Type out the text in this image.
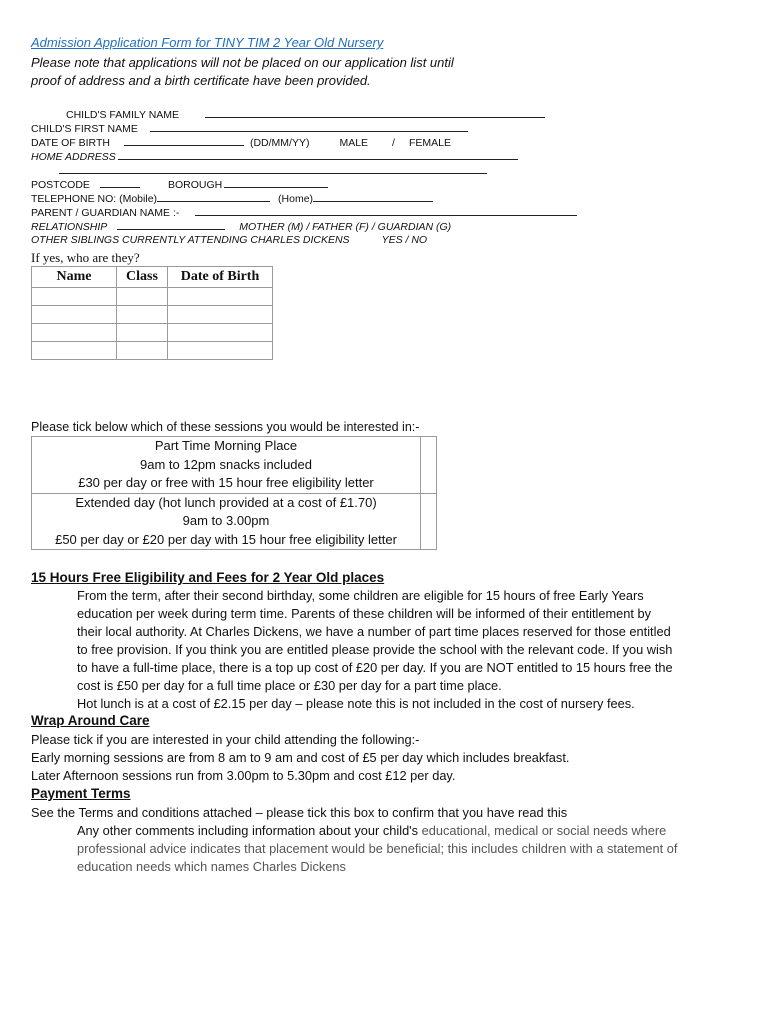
Admission Application Form for TINY TIM 2 Year Old Nursery
Please note that applications will not be placed on our application list until
proof of address and a birth certificate have been provided.
CHILD'S FAMILY NAME
CHILD'S FIRST NAME
DATE OF BIRTH	(DD/MM/YY)	MALE / FEMALE
HOME ADDRESS
POSTCODE	BOROUGH
TELEPHONE NO: (Mobile)	(Home)
PARENT / GUARDIAN NAME :-
RELATIONSHIP	MOTHER (M) / FATHER (F) / GUARDIAN (G)
OTHER SIBLINGS CURRENTLY ATTENDING CHARLES DICKENS	YES / NO
If yes, who are they?
Name	Class	Date of Birth

Please tick below which of these sessions you would be interested in:-
Part Time Morning Place
9am to 12pm snacks included
£30 per day or free with 15 hour free eligibility letter
Extended day (hot lunch provided at a cost of £1.70)
9am to 3.00pm
£50 per day or £20 per day with 15 hour free eligibility letter
15 Hours Free Eligibility and Fees for 2 Year Old places
From the term, after their second birthday, some children are eligible for 15 hours of free Early Years
education per week during term time. Parents of these children will be informed of their entitlement by
their local authority. At Charles Dickens, we have a number of part time places reserved for those entitled
to free provision. If you think you are entitled please provide the school with the relevant code. If you wish
to have a full-time place, there is a top up cost of £20 per day. If you are NOT entitled to 15 hours free the
cost is £50 per day for a full time place or £30 per day for a part time place.
Hot lunch is at a cost of £2.15 per day – please note this is not included in the cost of nursery fees.
Wrap Around Care
Please tick if you are interested in your child attending the following:-
Early morning sessions are from 8 am to 9 am and cost of £5 per day which includes breakfast.
Later Afternoon sessions run from 3.00pm to 5.30pm and cost £12 per day.
Payment Terms
See the Terms and conditions attached – please tick this box to confirm that you have read this
Any other comments including information about your child's educational, medical or social needs where
professional advice indicates that placement would be beneficial; this includes children with a statement of
education needs which names Charles Dickens
